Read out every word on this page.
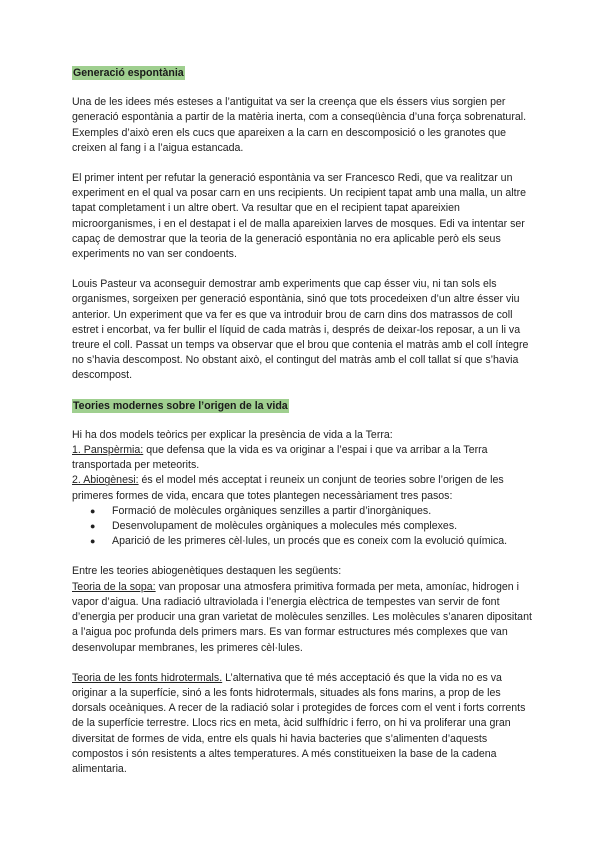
Generació espontània

Una de les idees més esteses a l’antiguitat va ser la creença que els éssers vius sorgien per generació espontània a partir de la matèria inerta, com a conseqüència d’una força sobrenatural. Exemples d’això eren els cucs que apareixen a la carn en descomposició o les granotes que creixen al fang i a l’aigua estancada.

El primer intent per refutar la generació espontània va ser Francesco Redi, que va realitzar un experiment en el qual va posar carn en uns recipients. Un recipient tapat amb una malla, un altre tapat completament i un altre obert. Va resultar que en el recipient tapat apareixien microorganismes, i en el destapat i el de malla apareixien larves de mosques. Edi va intentar ser capaç de demostrar que la teoria de la generació espontània no era aplicable però els seus experiments no van ser condoents.

Louis Pasteur va aconseguir demostrar amb experiments que cap ésser viu, ni tan sols els organismes, sorgeixen per generació espontània, sinó que tots procedeixen d’un altre ésser viu anterior. Un experiment que va fer es que va introduir brou de carn dins dos matrassos de coll estret i encorbat, va fer bullir el líquid de cada matràs i, després de deixar-los reposar, a un li va treure el coll. Passat un temps va observar que el brou que contenia el matràs amb el coll íntegre no s’havia descompost. No obstant això, el contingut del matràs amb el coll tallat sí que s’havia descompost.

Teories modernes sobre l’origen de la vida

Hi ha dos models teòrics per explicar la presència de vida a la Terra:

1. Panspèrmia: que defensa que la vida es va originar a l’espai i que va arribar a la Terra transportada per meteorits.

2. Abiogènesi: és el model més acceptat i reuneix un conjunt de teories sobre l’origen de les primeres formes de vida, encara que totes plantegen necessàriament tres pasos:

● Formació de molècules orgàniques senzilles a partir d’inorgàniques.
● Desenvolupament de molècules orgàniques a molecules més complexes.
● Aparició de les primeres cèl·lules, un procés que es coneix com la evolució química.

Entre les teories abiogenètiques destaquen les següents:

Teoria de la sopa: van proposar una atmosfera primitiva formada per meta, amoníac, hidrogen i vapor d’aigua. Una radiació ultraviolada i l’energia elèctrica de tempestes van servir de font d’energia per producir una gran varietat de molècules senzilles. Les molècules s’anaren dipositant a l’aigua poc profunda dels primers mars. Es van formar estructures més complexes que van desenvolupar membranes, les primeres cèl·lules.

Teoria de les fonts hidrotermals. L’alternativa que té més acceptació és que la vida no es va originar a la superfície, sinó a les fonts hidrotermals, situades als fons marins, a prop de les dorsals oceàniques. A recer de la radiació solar i protegides de forces com el vent i forts corrents de la superfície terrestre. Llocs rics en meta, àcid sulfhídric i ferro, on hi va proliferar una gran diversitat de formes de vida, entre els quals hi havia bacteries que s’alimenten d’aquests compostos i són resistents a altes temperatures. A més constitueixen la base de la cadena alimentaria.
